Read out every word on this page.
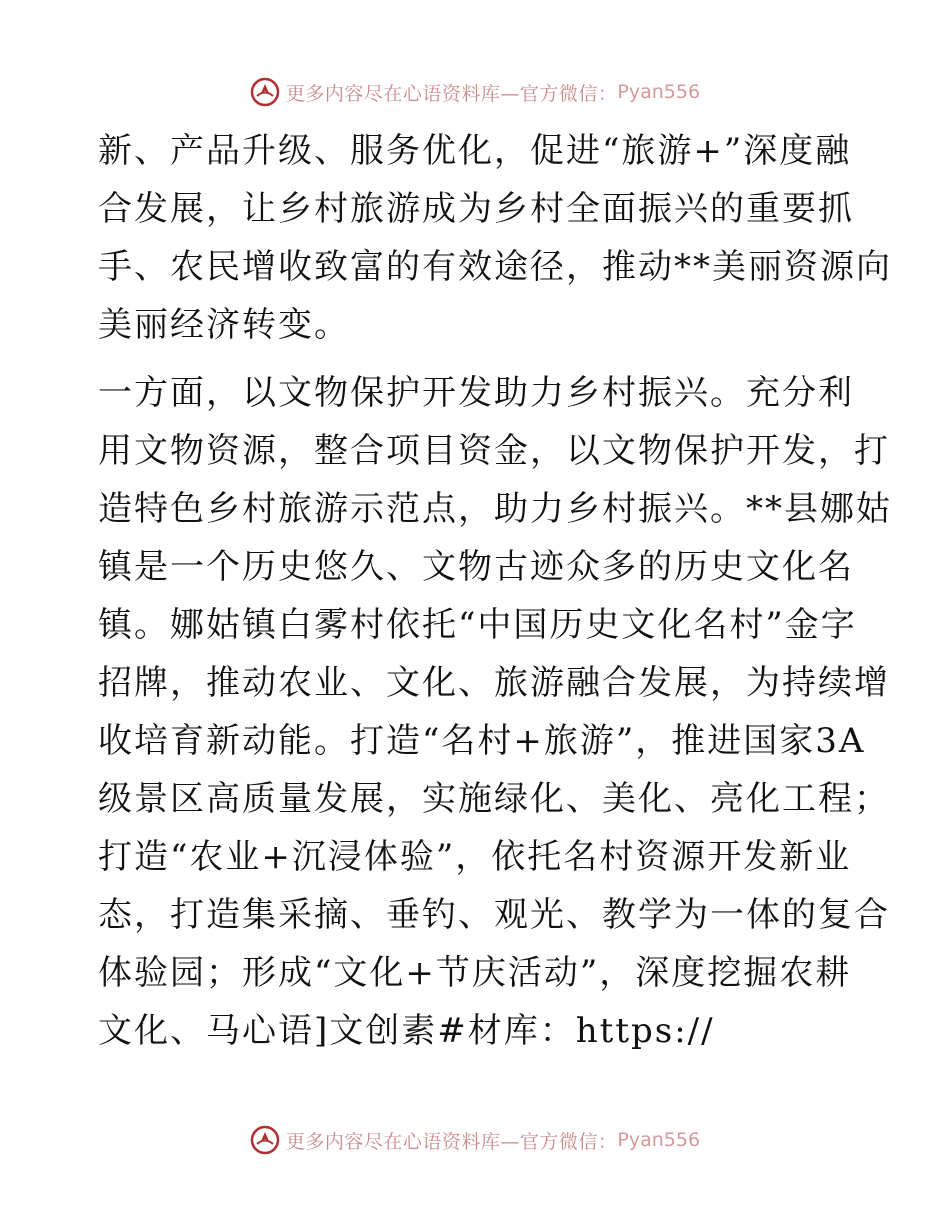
更多内容尽在心语资料库—官方微信： Pyan556
新、产品升级、服务优化，促进“旅游+”深度融
合发展，让乡村旅游成为乡村全面振兴的重要抓
手、农民增收致富的有效途径，推动**美丽资源向
美丽经济转变。
一方面，以文物保护开发助力乡村振兴。充分利
用文物资源，整合项目资金，以文物保护开发，打
造特色乡村旅游示范点，助力乡村振兴。**县娜姑
镇是一个历史悠久、文物古迹众多的历史文化名
镇。娜姑镇白雾村依托“中国历史文化名村”金字
招牌，推动农业、文化、旅游融合发展，为持续增
收培育新动能。打造“名村+旅游”，推进国家3A
级景区高质量发展，实施绿化、美化、亮化工程；
打造“农业+沉浸体验”，依托名村资源开发新业
态，打造集采摘、垂钓、观光、教学为一体的复合
体验园；形成“文化+节庆活动”，深度挖掘农耕
文化、马心语]文创素#材库：https://
更多内容尽在心语资料库—官方微信： Pyan556
